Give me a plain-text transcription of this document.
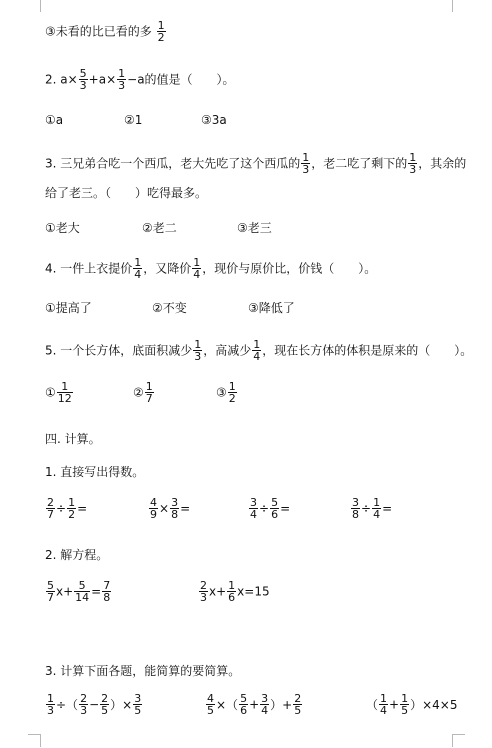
③未看的比已看的多 $\frac{1}{2}$
2. $a\times \frac{5}{3} +a\times \frac{1}{3} -a$的值是（　　）。
①a	②1	③3a
3. 三兄弟合吃一个西瓜，老大先吃了这个西瓜的 $\frac{1}{3}$ ，老二吃了剩下的 $\frac{1}{3}$ ，其余的
给了老三。（　　）吃得最多。
①老大	②老二	③老三
4. 一件上衣提价 $\frac{1}{4}$ ，又降价 $\frac{1}{4}$ ，现价与原价比，价钱（　　）。
①提高了	②不变	③降低了
5. 一个长方体，底面积减少 $\frac{1}{3}$ ，高减少 $\frac{1}{4}$ ，现在长方体的体积是原来的（　　）。
① $\frac{1}{12}$	② $\frac{1}{7}$	③ $\frac{1}{2}$
四. 计算。
1. 直接写出得数。
$\frac{2}{7} \div \frac{1}{2}$ =	$\frac{4}{9} \times \frac{3}{8}$ =	$\frac{3}{4} \div \frac{5}{6}$ =	$\frac{3}{8} \div \frac{1}{4}$ =
2. 解方程。
$\frac{5}{7} x+ \frac{5}{14} = \frac{7}{8}$	$\frac{2}{3} x+ \frac{1}{6} x=15$
3. 计算下面各题，能简算的要简算。
$\frac{1}{3}$ ÷（ $\frac{2}{3} - \frac{2}{5}$ ）× $\frac{3}{5}$	$\frac{4}{5}$ ×（ $\frac{5}{6} + \frac{3}{4}$ ）+ $\frac{2}{5}$	（ $\frac{1}{4} + \frac{1}{5} )\times 4\times 5$
